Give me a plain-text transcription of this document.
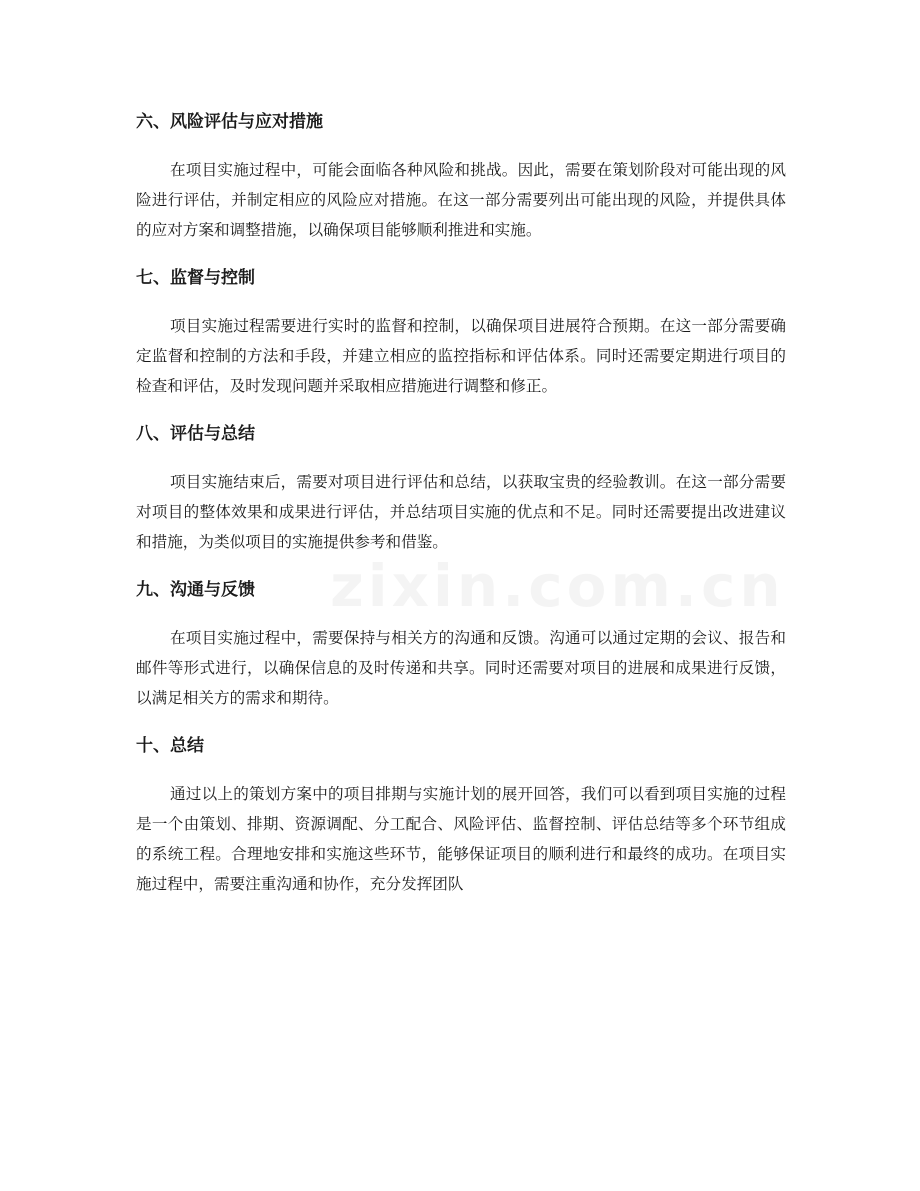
六、风险评估与应对措施

在项目实施过程中，可能会面临各种风险和挑战。因此，需要在策划阶段对可能出现的风险进行评估，并制定相应的风险应对措施。在这一部分需要列出可能出现的风险，并提供具体的应对方案和调整措施，以确保项目能够顺利推进和实施。

七、监督与控制

项目实施过程需要进行实时的监督和控制，以确保项目进展符合预期。在这一部分需要确定监督和控制的方法和手段，并建立相应的监控指标和评估体系。同时还需要定期进行项目的检查和评估，及时发现问题并采取相应措施进行调整和修正。

八、评估与总结

项目实施结束后，需要对项目进行评估和总结，以获取宝贵的经验教训。在这一部分需要对项目的整体效果和成果进行评估，并总结项目实施的优点和不足。同时还需要提出改进建议和措施，为类似项目的实施提供参考和借鉴。

九、沟通与反馈

在项目实施过程中，需要保持与相关方的沟通和反馈。沟通可以通过定期的会议、报告和邮件等形式进行，以确保信息的及时传递和共享。同时还需要对项目的进展和成果进行反馈，以满足相关方的需求和期待。

十、总结

通过以上的策划方案中的项目排期与实施计划的展开回答，我们可以看到项目实施的过程是一个由策划、排期、资源调配、分工配合、风险评估、监督控制、评估总结等多个环节组成的系统工程。合理地安排和实施这些环节，能够保证项目的顺利进行和最终的成功。在项目实施过程中，需要注重沟通和协作，充分发挥团队
